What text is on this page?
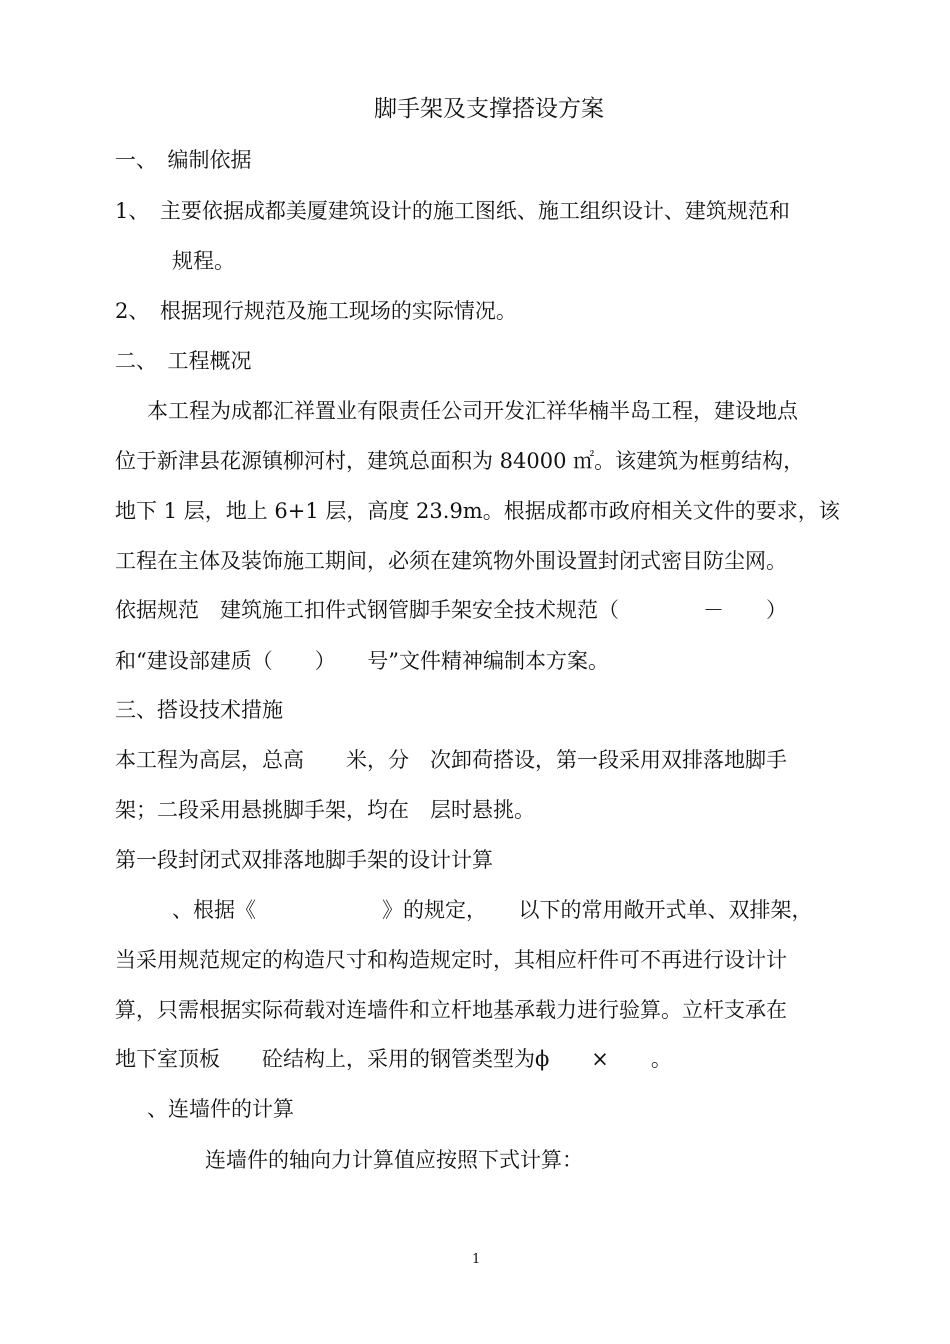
脚手架及支撑搭设方案
一、　编制依据
1、　主要依据成都美厦建筑设计的施工图纸、施工组织设计、建筑规范和
规程。
2、　根据现行规范及施工现场的实际情况。
二、　工程概况
本工程为成都汇祥置业有限责任公司开发汇祥华楠半岛工程，建设地点
位于新津县花源镇柳河村，建筑总面积为 84000 ㎡。该建筑为框剪结构，
地下 1 层，地上 6+1 层，高度 23.9m。根据成都市政府相关文件的要求，该
工程在主体及装饰施工期间，必须在建筑物外围设置封闭式密目防尘网。
依据规范　建筑施工扣件式钢管脚手架安全技术规范（　　　　－　　）
和“建设部建质（　　）　　号”文件精神编制本方案。
三、搭设技术措施
本工程为高层，总高　　米，分　次卸荷搭设，第一段采用双排落地脚手
架；二段采用悬挑脚手架，均在　层时悬挑。
第一段封闭式双排落地脚手架的设计计算
、根据《　　　　　　》的规定，　　以下的常用敞开式单、双排架，
当采用规范规定的构造尺寸和构造规定时，其相应杆件可不再进行设计计
算，只需根据实际荷载对连墙件和立杆地基承载力进行验算。立杆支承在
地下室顶板　　砼结构上，采用的钢管类型为ϕ　　×　　。
、连墙件的计算
连墙件的轴向力计算值应按照下式计算：
1
